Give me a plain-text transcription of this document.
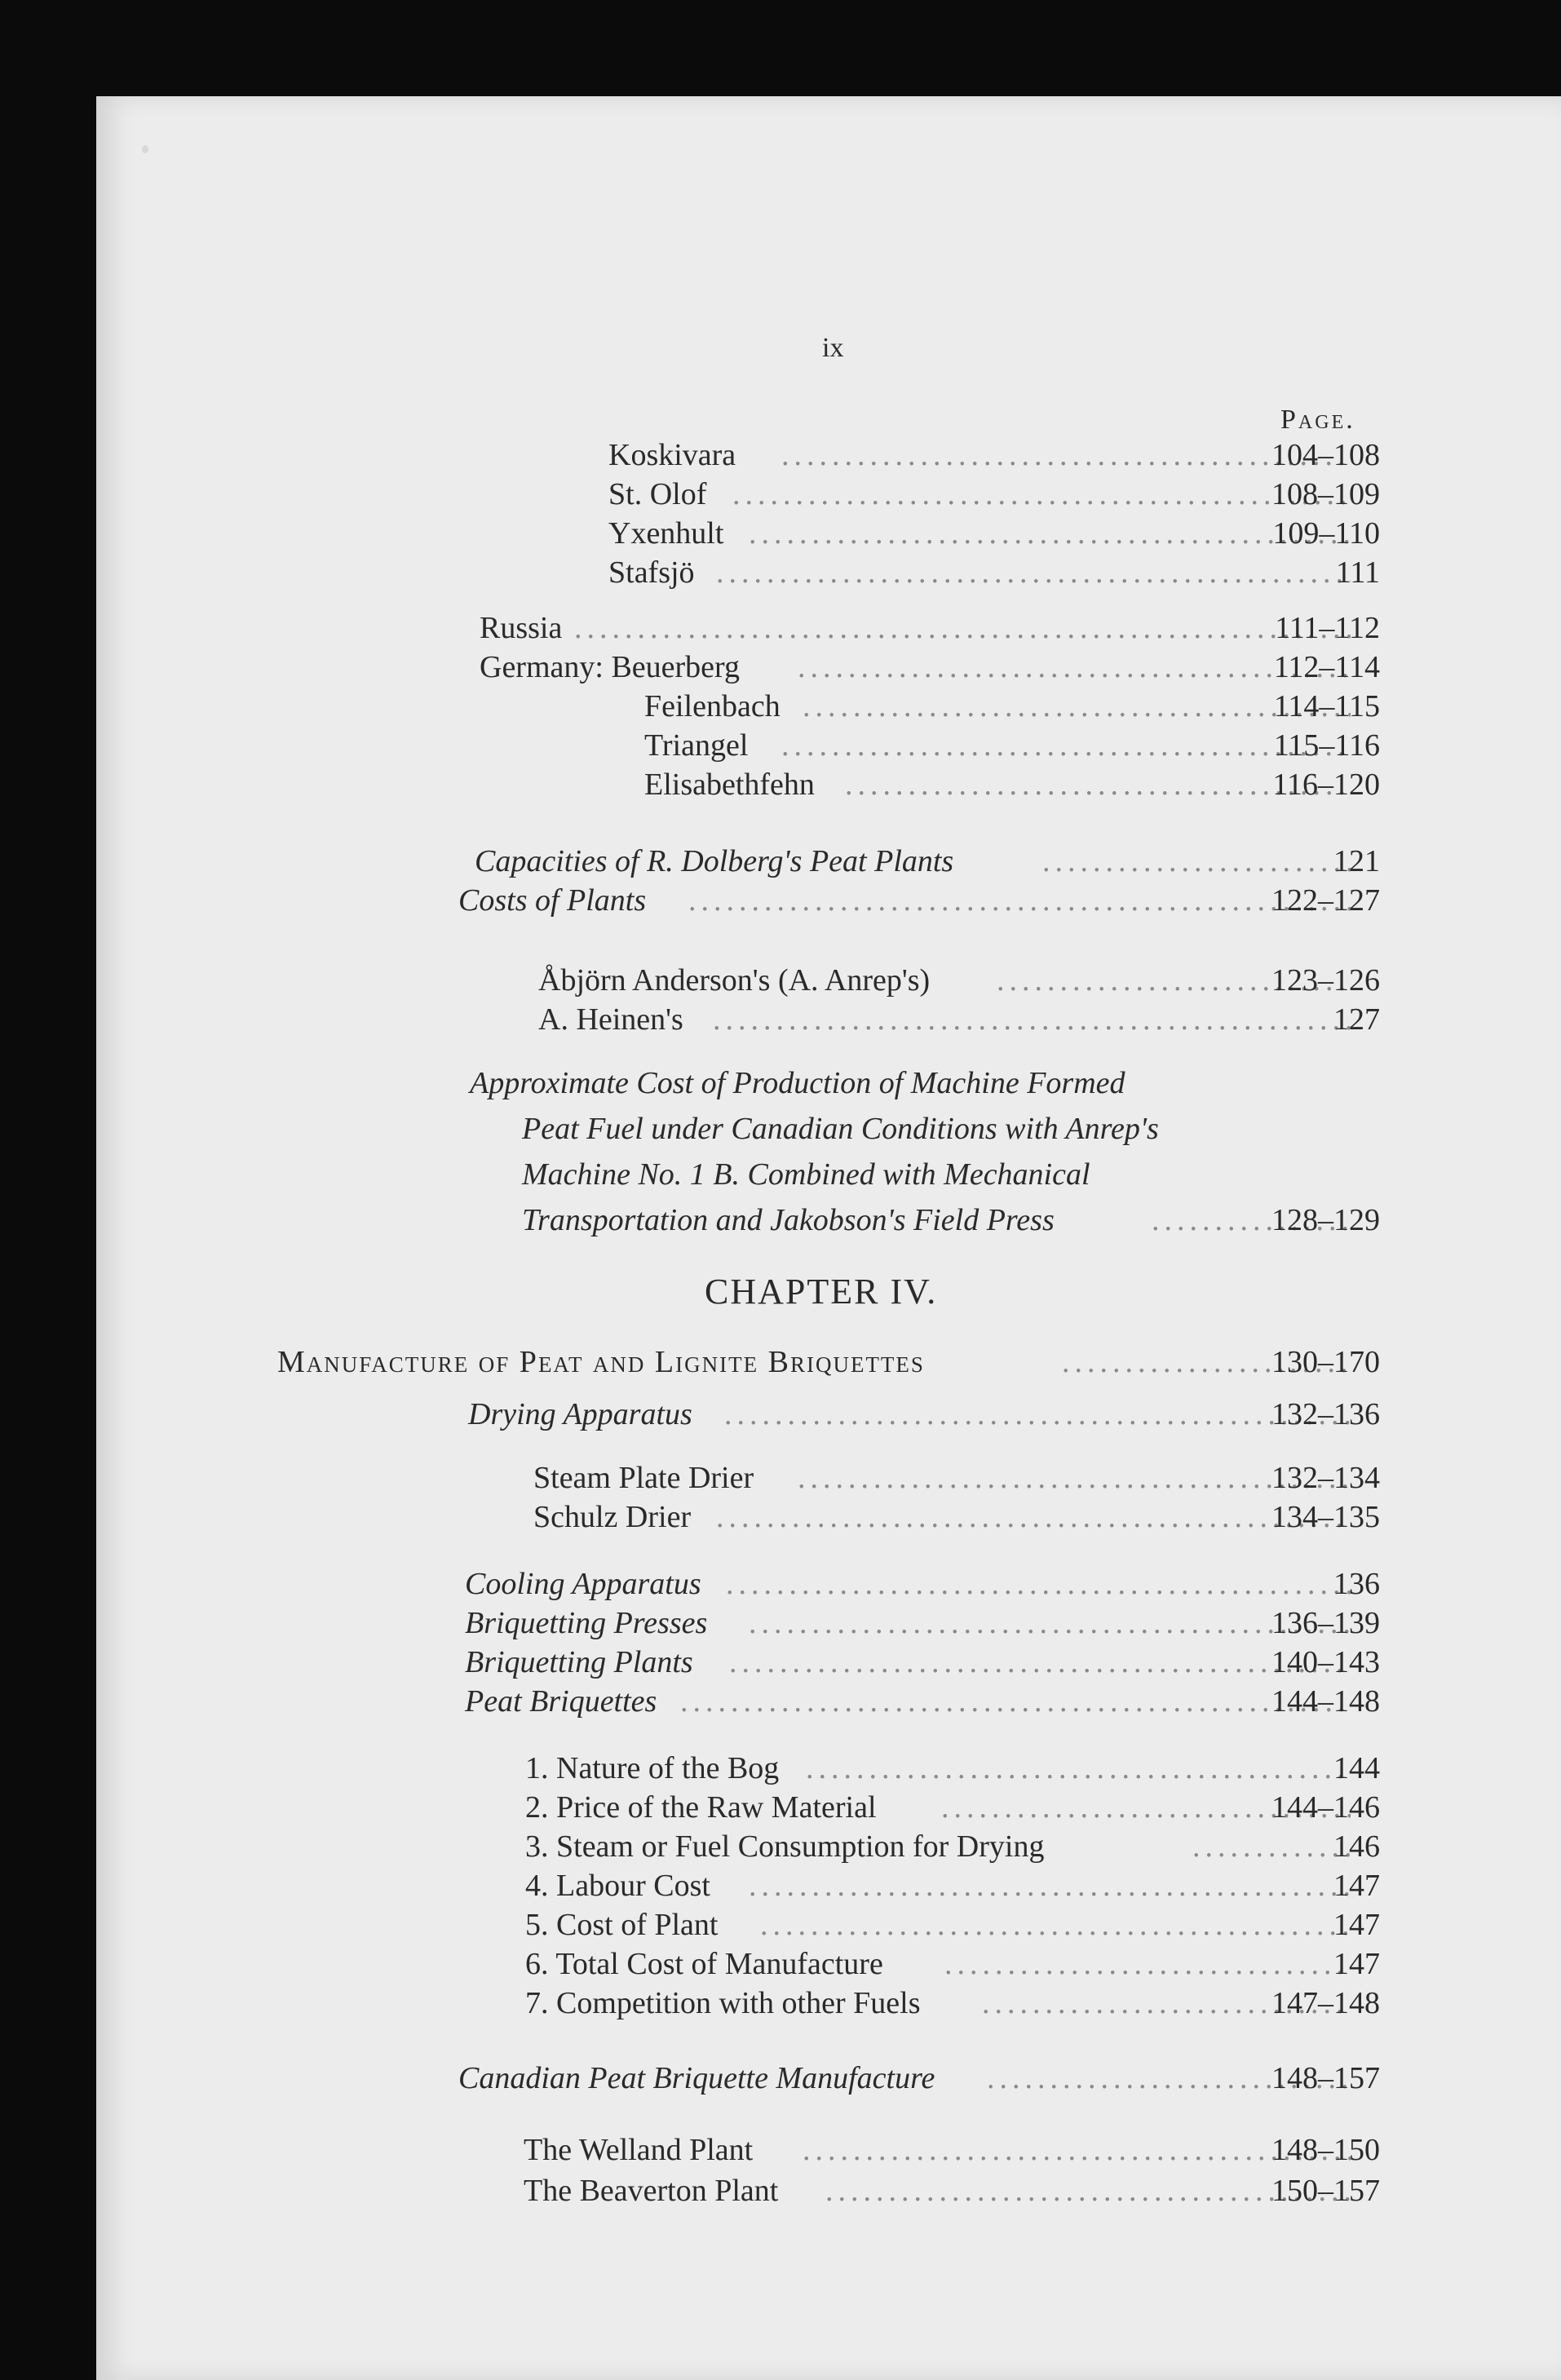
ix
Page.
Koskivara .....	104–108
St. Olof .....	108–109
Yxenhult .....	109–110
Stafsjö .....	111
Russia .....	111–112
Germany: Beuerberg .....	112–114
Feilenbach .....	114–115
Triangel .....	115–116
Elisabethfehn .....	116–120
Capacities of R. Dolberg's Peat Plants .....	121
Costs of Plants .....	122–127
Åbjörn Anderson's (A. Anrep's) .....	123–126
A. Heinen's .....	127
Approximate Cost of Production of Machine Formed
Peat Fuel under Canadian Conditions with Anrep's
Machine No. 1 B. Combined with Mechanical
Transportation and Jakobson's Field Press .....	128–129
CHAPTER IV.
Manufacture of Peat and Lignite Briquettes .....	130–170
Drying Apparatus .....	132–136
Steam Plate Drier .....	132–134
Schulz Drier .....	134–135
Cooling Apparatus .....	136
Briquetting Presses .....	136–139
Briquetting Plants .....	140–143
Peat Briquettes .....	144–148
1. Nature of the Bog .....	144
2. Price of the Raw Material .....	144–146
3. Steam or Fuel Consumption for Drying .....	146
4. Labour Cost .....	147
5. Cost of Plant .....	147
6. Total Cost of Manufacture .....	147
7. Competition with other Fuels .....	147–148
Canadian Peat Briquette Manufacture .....	148–157
The Welland Plant .....	148–150
The Beaverton Plant .....	150–157
